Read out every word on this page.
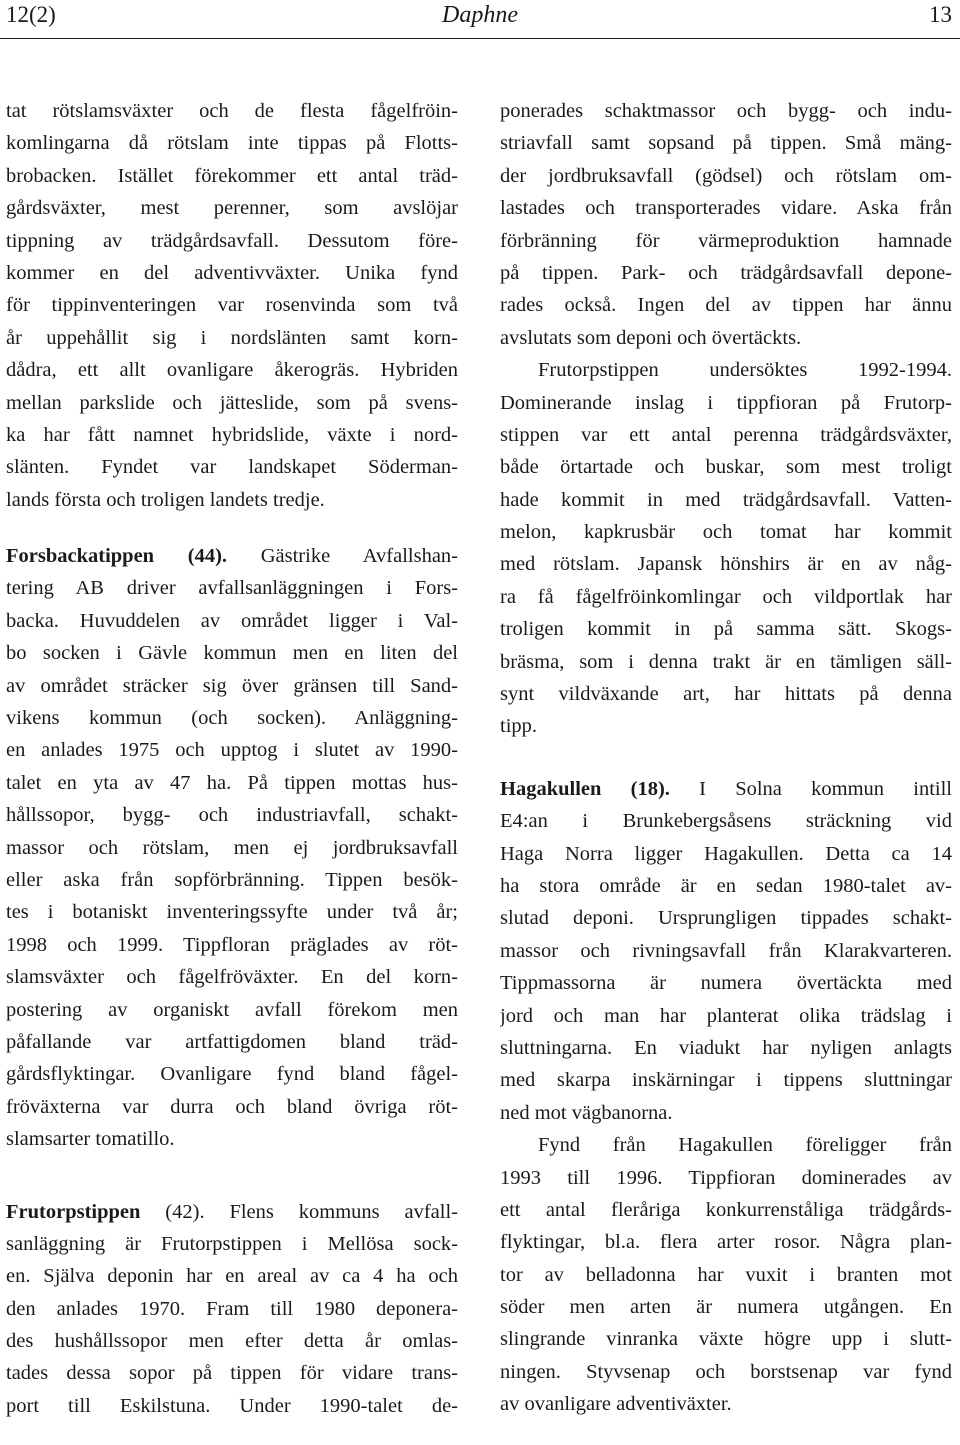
12(2)	Daphne	13
tat rötslamsväxter och de flesta fågelfröin-
komlingarna då rötslam inte tippas på Flotts-
brobacken. Istället förekommer ett antal träd-
gårdsväxter, mest perenner, som avslöjar
tippning av trädgårdsavfall. Dessutom före-
kommer en del adventivväxter. Unika fynd
för tippinventeringen var rosenvinda som två
år uppehållit sig i nordslänten samt korn-
dådra, ett allt ovanligare åkerogräs. Hybriden
mellan parkslide och jätteslide, som på svens-
ka har fått namnet hybridslide, växte i nord-
slänten. Fyndet var landskapet Söderman-
lands första och troligen landets tredje.
Forsbackatippen (44). Gästrike Avfallshan-
tering AB driver avfallsanläggningen i Fors-
backa. Huvuddelen av området ligger i Val-
bo socken i Gävle kommun men en liten del
av området sträcker sig över gränsen till Sand-
vikens kommun (och socken). Anläggning-
en anlades 1975 och upptog i slutet av 1990-
talet en yta av 47 ha. På tippen mottas hus-
hållssopor, bygg- och industriavfall, schakt-
massor och rötslam, men ej jordbruksavfall
eller aska från sopförbränning. Tippen besök-
tes i botaniskt inventeringssyfte under två år;
1998 och 1999. Tippfloran präglades av röt-
slamsväxter och fågelfröväxter. En del korn-
postering av organiskt avfall förekom men
påfallande var artfattigdomen bland träd-
gårdsflyktingar. Ovanligare fynd bland fågel-
fröväxterna var durra och bland övriga röt-
slamsarter tomatillo.
Frutorpstippen (42). Flens kommuns avfall-
sanläggning är Frutorpstippen i Mellösa sock-
en. Själva deponin har en areal av ca 4 ha och
den anlades 1970. Fram till 1980 deponera-
des hushållssopor men efter detta år omlas-
tades dessa sopor på tippen för vidare trans-
port till Eskilstuna. Under 1990-talet de-
ponerades schaktmassor och bygg- och indu-
striavfall samt sopsand på tippen. Små mäng-
der jordbruksavfall (gödsel) och rötslam om-
lastades och transporterades vidare. Aska från
förbränning för värmeproduktion hamnade
på tippen. Park- och trädgårdsavfall depone-
rades också. Ingen del av tippen har ännu
avslutats som deponi och övertäckts.
Frutorpstippen undersöktes 1992-1994.
Dominerande inslag i tippfioran på Frutorp-
stippen var ett antal perenna trädgårdsväxter,
både örtartade och buskar, som mest troligt
hade kommit in med trädgårdsavfall. Vatten-
melon, kapkrusbär och tomat har kommit
med rötslam. Japansk hönshirs är en av någ-
ra få fågelfröinkomlingar och vildportlak har
troligen kommit in på samma sätt. Skogs-
bräsma, som i denna trakt är en tämligen säll-
synt vildväxande art, har hittats på denna
tipp.
Hagakullen (18). I Solna kommun intill
E4:an i Brunkebergsåsens sträckning vid
Haga Norra ligger Hagakullen. Detta ca 14
ha stora område är en sedan 1980-talet av-
slutad deponi. Ursprungligen tippades schakt-
massor och rivningsavfall från Klarakvarteren.
Tippmassorna är numera övertäckta med
jord och man har planterat olika trädslag i
sluttningarna. En viadukt har nyligen anlagts
med skarpa inskärningar i tippens sluttningar
ned mot vägbanorna.
Fynd från Hagakullen föreligger från
1993 till 1996. Tippfioran dominerades av
ett antal fleråriga konkurrenståliga trädgårds-
flyktingar, bl.a. flera arter rosor. Några plan-
tor av belladonna har vuxit i branten mot
söder men arten är numera utgången. En
slingrande vinranka växte högre upp i slutt-
ningen. Styvsenap och borstsenap var fynd
av ovanligare adventiväxter.
